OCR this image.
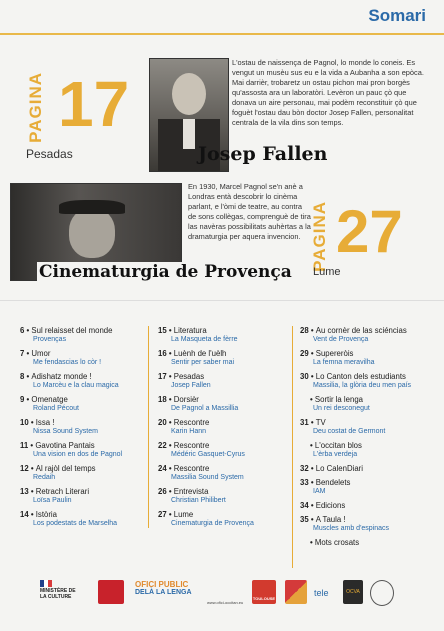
Somari
PAGINA 17
Pesadas	Josep Fallen
L'ostau de naissença de Pagnol, lo monde lo coneis. Es vengut un musèu sus eu e la vida a Aubanha a son epòca. Mai darrièr, trobaretz un ostau pichon mai pron borgès qu'assosta ara un laboratòri. Levèron un pauc çò que donava un aire personau, mai podèm reconstituir çò que foguèt l'ostau dau bòn doctor Josep Fallen, personalitat centrala de la vila dins son temps.
En 1930, Marcel Pagnol se'n anè a Londras entà descobrir lo cinèma parlant, e l'òmi de teatre, au contra de sons collègas, comprenguè de tira las navèras possibilitats auhèrtas a la dramaturgia per aquera invencion.
Cinematurgia de Provença
PAGINA 27
Lume
6 • Sul relaisset del monde
Provenças
7 • Umor
Me fendascias lo còr !
8 • Adishatz monde !
Lo Marcèu e la clau magica
9 • Omenatge
Roland Pécout
10 • Issa !
Nissa Sound System
11 • Gavotina Pantais
Una vision en dos de Pagnol
12 • Al rajòl del temps
Redaih
13 • Retrach Literari
Loïsa Paulin
14 • Istòria
Los podestats de Marselha
15 • Literatura
La Masqueta de fèrre
16 • Luènh de l'uèlh
Sentir per saber mai
17 • Pesadas
Josep Fallen
18 • Dorsièr
De Pagnol a Massillia
20 • Rescontre
Karin Hann
22 • Rescontre
Médéric Gasquet-Cyrus
24 • Rescontre
Massilia Sound System
26 • Entrevista
Christian Philibert
27 • Lume
Cinematurgia de Provença
28 • Au cornèr de las sciéncias
Vent de Provença
29 • Supereròis
La femna meravilha
30 • Lo Canton dels estudiants
Massilia, la glòria deu men país
• Sortir la lenga
Un rei desconegut
31 • TV
Deu costat de Germont
• L'occitan blos
L'èrba verdeja
32 • Lo CalenDiari
33 • Bendelets
IAM
34 • Edicions
35 • A Taula !
Muscles amb d'espinacs
• Mots crosats
MINISTÈRE DE LA CULTURE
OFICI PUBLIC
DELÀ LA LENGA
www.ofici-occitan.eu
TOULOUSE
tele	OCVA
